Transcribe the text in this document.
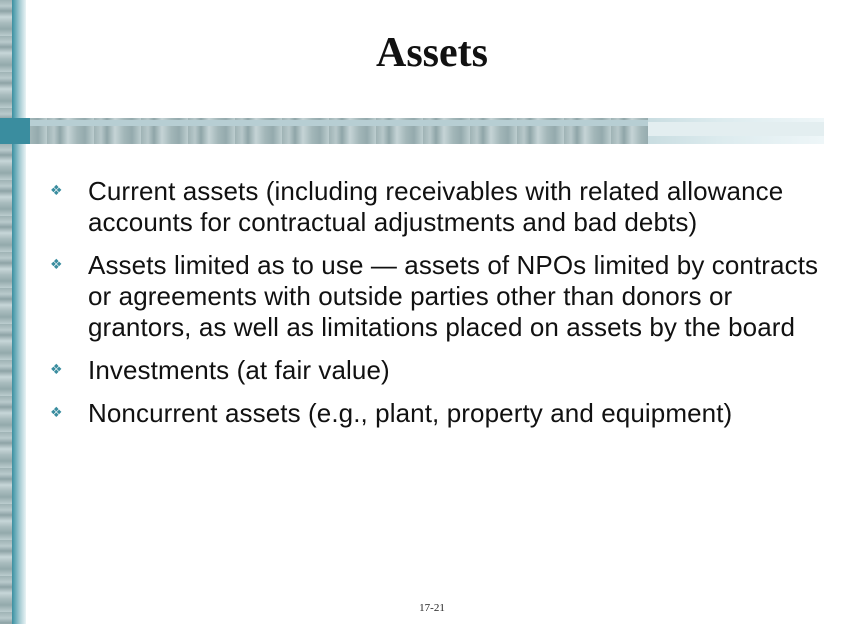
Assets
❖ Current assets (including receivables with related allowance accounts for contractual adjustments and bad debts)
❖ Assets limited as to use — assets of NPOs limited by contracts or agreements with outside parties other than donors or grantors, as well as limitations placed on assets by the board
❖ Investments (at fair value)
❖ Noncurrent assets (e.g., plant, property and equipment)
17-21
